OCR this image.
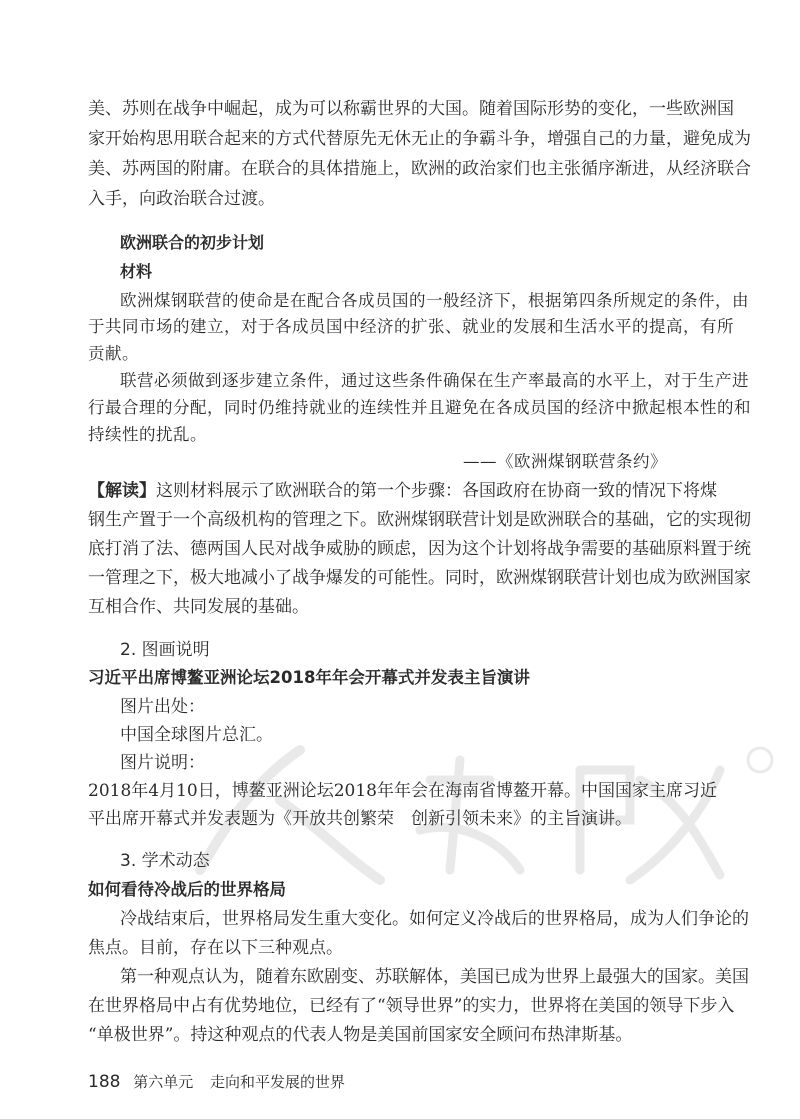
美、苏则在战争中崛起，成为可以称霸世界的大国。随着国际形势的变化，一些欧洲国
家开始构思用联合起来的方式代替原先无休无止的争霸斗争，增强自己的力量，避免成为
美、苏两国的附庸。在联合的具体措施上，欧洲的政治家们也主张循序渐进，从经济联合
入手，向政治联合过渡。
欧洲联合的初步计划
材料
欧洲煤钢联营的使命是在配合各成员国的一般经济下，根据第四条所规定的条件，由
于共同市场的建立，对于各成员国中经济的扩张、就业的发展和生活水平的提高，有所
贡献。
联营必须做到逐步建立条件，通过这些条件确保在生产率最高的水平上，对于生产进
行最合理的分配，同时仍维持就业的连续性并且避免在各成员国的经济中掀起根本性的和
持续性的扰乱。
——《欧洲煤钢联营条约》
【解读】这则材料展示了欧洲联合的第一个步骤：各国政府在协商一致的情况下将煤
钢生产置于一个高级机构的管理之下。欧洲煤钢联营计划是欧洲联合的基础，它的实现彻
底打消了法、德两国人民对战争威胁的顾虑，因为这个计划将战争需要的基础原料置于统
一管理之下，极大地减小了战争爆发的可能性。同时，欧洲煤钢联营计划也成为欧洲国家
互相合作、共同发展的基础。
2. 图画说明
习近平出席博鳌亚洲论坛2018年年会开幕式并发表主旨演讲
图片出处：
中国全球图片总汇。
图片说明：
2018年4月10日，博鳌亚洲论坛2018年年会在海南省博鳌开幕。中国国家主席习近
平出席开幕式并发表题为《开放共创繁荣　创新引领未来》的主旨演讲。
3. 学术动态
如何看待冷战后的世界格局
冷战结束后，世界格局发生重大变化。如何定义冷战后的世界格局，成为人们争论的
焦点。目前，存在以下三种观点。
第一种观点认为，随着东欧剧变、苏联解体，美国已成为世界上最强大的国家。美国
在世界格局中占有优势地位，已经有了“领导世界”的实力，世界将在美国的领导下步入
“单极世界”。持这种观点的代表人物是美国前国家安全顾问布热津斯基。
188 第六单元 走向和平发展的世界
